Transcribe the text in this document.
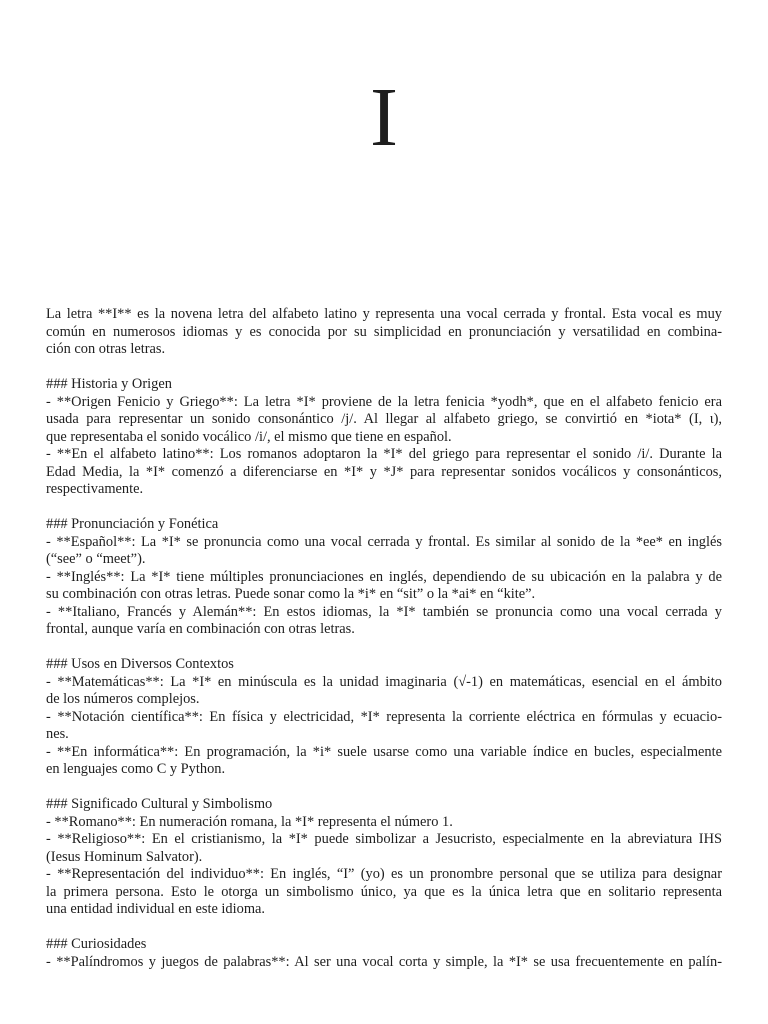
I
La letra **I** es la novena letra del alfabeto latino y representa una vocal cerrada y frontal. Esta vocal es muy
común en numerosos idiomas y es conocida por su simplicidad en pronunciación y versatilidad en combina-
ción con otras letras.
### Historia y Origen
- **Origen Fenicio y Griego**: La letra *I* proviene de la letra fenicia *yodh*, que en el alfabeto fenicio era
usada para representar un sonido consonántico /j/. Al llegar al alfabeto griego, se convirtió en *iota* (Ι, ι),
que representaba el sonido vocálico /i/, el mismo que tiene en español.
- **En el alfabeto latino**: Los romanos adoptaron la *I* del griego para representar el sonido /i/. Durante la
Edad Media, la *I* comenzó a diferenciarse en *I* y *J* para representar sonidos vocálicos y consonánticos,
respectivamente.
### Pronunciación y Fonética
- **Español**: La *I* se pronuncia como una vocal cerrada y frontal. Es similar al sonido de la *ee* en inglés
(“see” o “meet”).
- **Inglés**: La *I* tiene múltiples pronunciaciones en inglés, dependiendo de su ubicación en la palabra y de
su combinación con otras letras. Puede sonar como la *i* en “sit” o la *ai* en “kite”.
- **Italiano, Francés y Alemán**: En estos idiomas, la *I* también se pronuncia como una vocal cerrada y
frontal, aunque varía en combinación con otras letras.
### Usos en Diversos Contextos
- **Matemáticas**: La *I* en minúscula es la unidad imaginaria (√-1) en matemáticas, esencial en el ámbito
de los números complejos.
- **Notación científica**: En física y electricidad, *I* representa la corriente eléctrica en fórmulas y ecuacio-
nes.
- **En informática**: En programación, la *i* suele usarse como una variable índice en bucles, especialmente
en lenguajes como C y Python.
### Significado Cultural y Simbolismo
- **Romano**: En numeración romana, la *I* representa el número 1.
- **Religioso**: En el cristianismo, la *I* puede simbolizar a Jesucristo, especialmente en la abreviatura IHS
(Iesus Hominum Salvator).
- **Representación del individuo**: En inglés, “I” (yo) es un pronombre personal que se utiliza para designar
la primera persona. Esto le otorga un simbolismo único, ya que es la única letra que en solitario representa
una entidad individual en este idioma.
### Curiosidades
- **Palíndromos y juegos de palabras**: Al ser una vocal corta y simple, la *I* se usa frecuentemente en palín-
